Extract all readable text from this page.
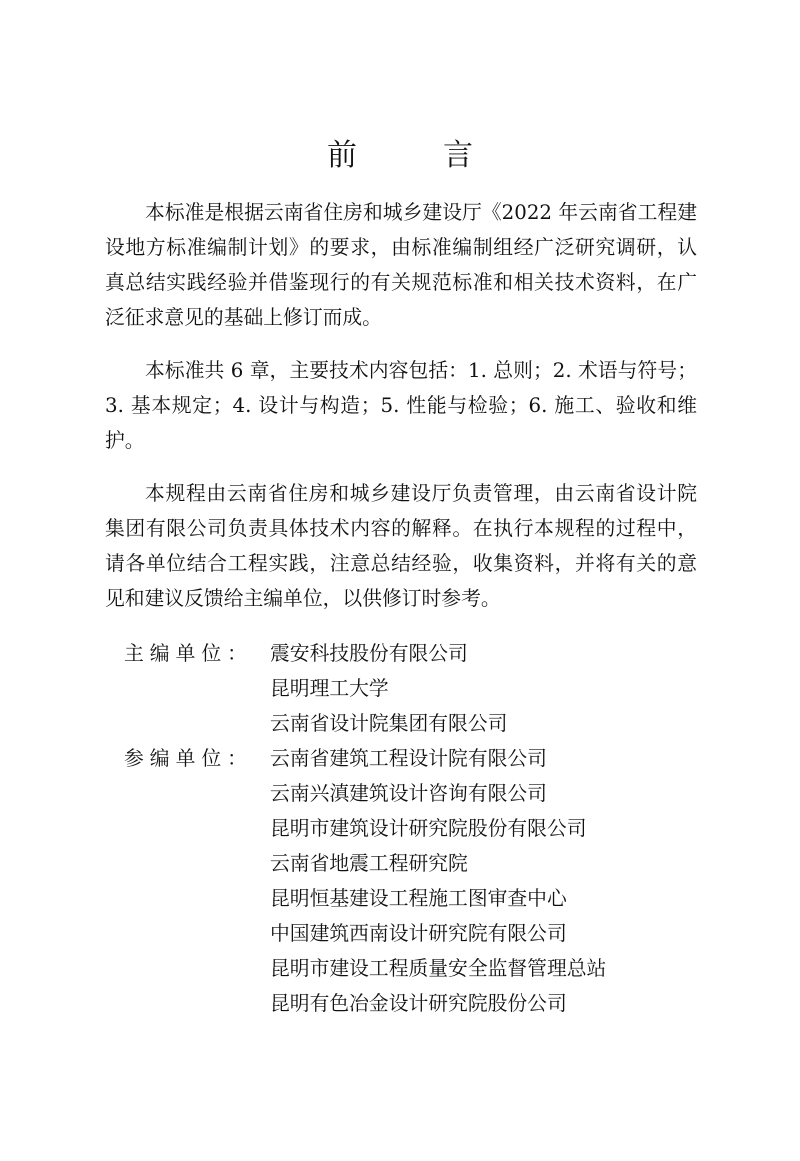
前　言

本标准是根据云南省住房和城乡建设厅《2022 年云南省工程建设地方标准编制计划》的要求，由标准编制组经广泛研究调研，认真总结实践经验并借鉴现行的有关规范标准和相关技术资料，在广泛征求意见的基础上修订而成。

本标准共 6 章，主要技术内容包括：1. 总则；2. 术语与符号；3. 基本规定；4. 设计与构造；5. 性能与检验；6. 施工、验收和维护。

本规程由云南省住房和城乡建设厅负责管理，由云南省设计院集团有限公司负责具体技术内容的解释。在执行本规程的过程中，请各单位结合工程实践，注意总结经验，收集资料，并将有关的意见和建议反馈给主编单位，以供修订时参考。

主编单位： 震安科技股份有限公司
昆明理工大学
云南省设计院集团有限公司
参编单位： 云南省建筑工程设计院有限公司
云南兴滇建筑设计咨询有限公司
昆明市建筑设计研究院股份有限公司
云南省地震工程研究院
昆明恒基建设工程施工图审查中心
中国建筑西南设计研究院有限公司
昆明市建设工程质量安全监督管理总站
昆明有色冶金设计研究院股份公司
